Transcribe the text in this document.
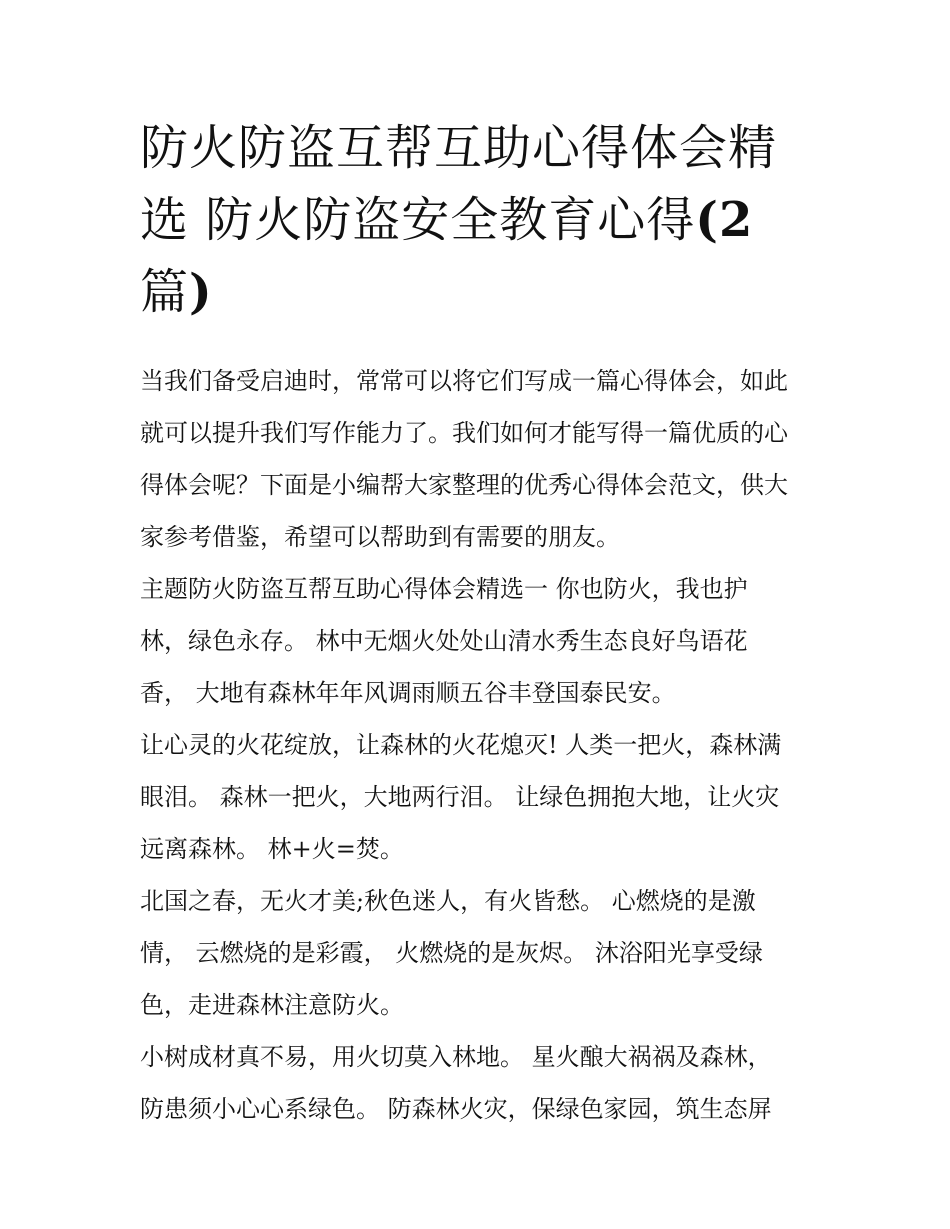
防火防盗互帮互助心得体会精
选 防火防盗安全教育心得(2
篇)

当我们备受启迪时，常常可以将它们写成一篇心得体会，如此
就可以提升我们写作能力了。我们如何才能写得一篇优质的心
得体会呢？下面是小编帮大家整理的优秀心得体会范文，供大
家参考借鉴，希望可以帮助到有需要的朋友。

主题防火防盗互帮互助心得体会精选一 你也防火，我也护
林，绿色永存。 林中无烟火处处山清水秀生态良好鸟语花
香， 大地有森林年年风调雨顺五谷丰登国泰民安。

让心灵的火花绽放，让森林的火花熄灭! 人类一把火，森林满
眼泪。 森林一把火，大地两行泪。 让绿色拥抱大地，让火灾
远离森林。 林+火=焚。

北国之春，无火才美;秋色迷人，有火皆愁。 心燃烧的是激
情， 云燃烧的是彩霞， 火燃烧的是灰烬。 沐浴阳光享受绿
色，走进森林注意防火。

小树成材真不易，用火切莫入林地。 星火酿大祸祸及森林，
防患须小心心系绿色。 防森林火灾，保绿色家园，筑生态屏
